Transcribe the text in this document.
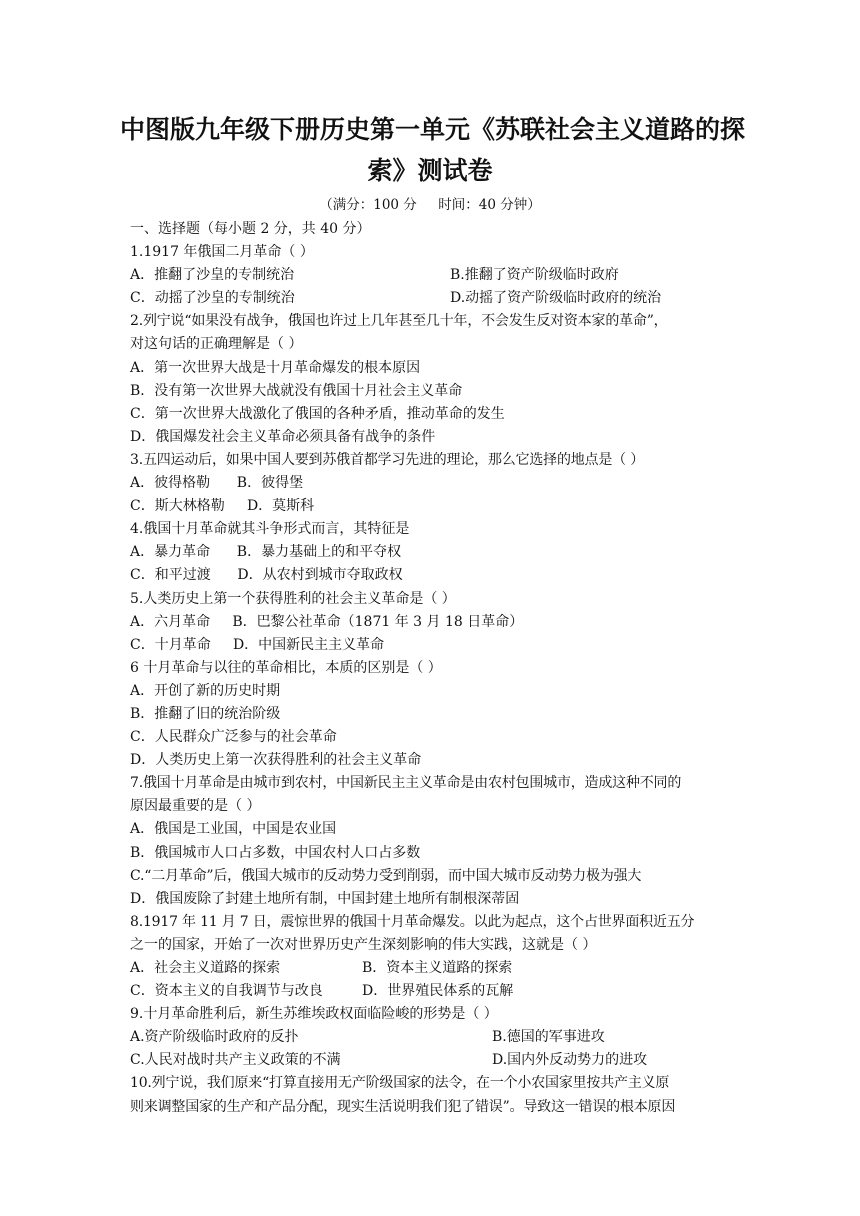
中图版九年级下册历史第一单元《苏联社会主义道路的探
索》测试卷
（满分：100 分     时间：40 分钟）
一、选择题（每小题 2 分，共 40 分）
1.1917 年俄国二月革命（ ）
A．推翻了沙皇的专制统治	B.推翻了资产阶级临时政府
C．动摇了沙皇的专制统治	D.动摇了资产阶级临时政府的统治
2.列宁说“如果没有战争，俄国也许过上几年甚至几十年，不会发生反对资本家的革命”，
对这句话的正确理解是（ ）
A．第一次世界大战是十月革命爆发的根本原因
B．没有第一次世界大战就没有俄国十月社会主义革命
C．第一次世界大战激化了俄国的各种矛盾，推动革命的发生
D．俄国爆发社会主义革命必须具备有战争的条件
3.五四运动后，如果中国人要到苏俄首都学习先进的理论，那么它选择的地点是（ ）
A．彼得格勒      B．彼得堡
C．斯大林格勒     D．莫斯科
4.俄国十月革命就其斗争形式而言，其特征是
A．暴力革命      B．暴力基础上的和平夺权
C．和平过渡      D．从农村到城市夺取政权
5.人类历史上第一个获得胜利的社会主义革命是（ ）
A．六月革命     B．巴黎公社革命（1871 年 3 月 18 日革命）
C．十月革命     D．中国新民主主义革命
6 十月革命与以往的革命相比，本质的区别是（ ）
A．开创了新的历史时期
B．推翻了旧的统治阶级
C．人民群众广泛参与的社会革命
D．人类历史上第一次获得胜利的社会主义革命
7.俄国十月革命是由城市到农村，中国新民主主义革命是由农村包围城市，造成这种不同的
原因最重要的是（ ）
A．俄国是工业国，中国是农业国
B．俄国城市人口占多数，中国农村人口占多数
C.“二月革命”后，俄国大城市的反动势力受到削弱，而中国大城市反动势力极为强大
D．俄国废除了封建土地所有制，中国封建土地所有制根深蒂固
8.1917 年 11 月 7 日，震惊世界的俄国十月革命爆发。以此为起点，这个占世界面积近五分
之一的国家，开始了一次对世界历史产生深刻影响的伟大实践，这就是（ ）
A．社会主义道路的探索	B．资本主义道路的探索
C．资本主义的自我调节与改良	D．世界殖民体系的瓦解
9.十月革命胜利后，新生苏维埃政权面临险峻的形势是（ ）
A.资产阶级临时政府的反扑	B.德国的军事进攻
C.人民对战时共产主义政策的不满	D.国内外反动势力的进攻
10.列宁说，我们原来“打算直接用无产阶级国家的法令，在一个小农国家里按共产主义原
则来调整国家的生产和产品分配，现实生活说明我们犯了错误”。导致这一错误的根本原因
